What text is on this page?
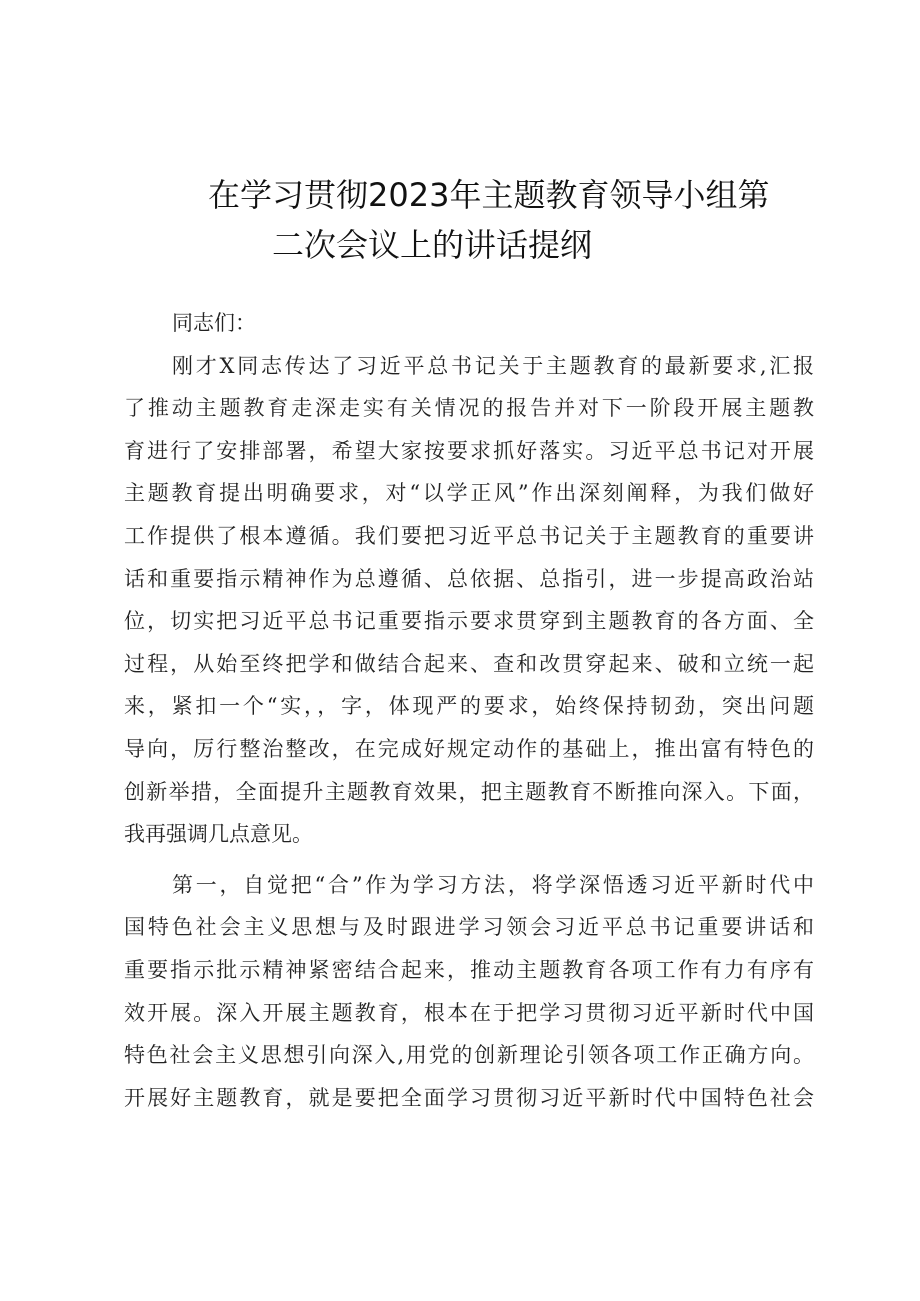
在学习贯彻2023年主题教育领导小组第
二次会议上的讲话提纲
同志们：
刚才X同志传达了习近平总书记关于主题教育的最新要求,汇报
了推动主题教育走深走实有关情况的报告并对下一阶段开展主题教
育进行了安排部署，希望大家按要求抓好落实。习近平总书记对开展
主题教育提出明确要求，对“以学正风”作出深刻阐释，为我们做好
工作提供了根本遵循。我们要把习近平总书记关于主题教育的重要讲
话和重要指示精神作为总遵循、总依据、总指引，进一步提高政治站
位，切实把习近平总书记重要指示要求贯穿到主题教育的各方面、全
过程，从始至终把学和做结合起来、查和改贯穿起来、破和立统一起
来，紧扣一个“实，，字，体现严的要求，始终保持韧劲，突出问题
导向，厉行整治整改，在完成好规定动作的基础上，推出富有特色的
创新举措，全面提升主题教育效果，把主题教育不断推向深入。下面，
我再强调几点意见。
第一，自觉把“合”作为学习方法，将学深悟透习近平新时代中
国特色社会主义思想与及时跟进学习领会习近平总书记重要讲话和
重要指示批示精神紧密结合起来，推动主题教育各项工作有力有序有
效开展。深入开展主题教育，根本在于把学习贯彻习近平新时代中国
特色社会主义思想引向深入,用党的创新理论引领各项工作正确方向。
开展好主题教育，就是要把全面学习贯彻习近平新时代中国特色社会
